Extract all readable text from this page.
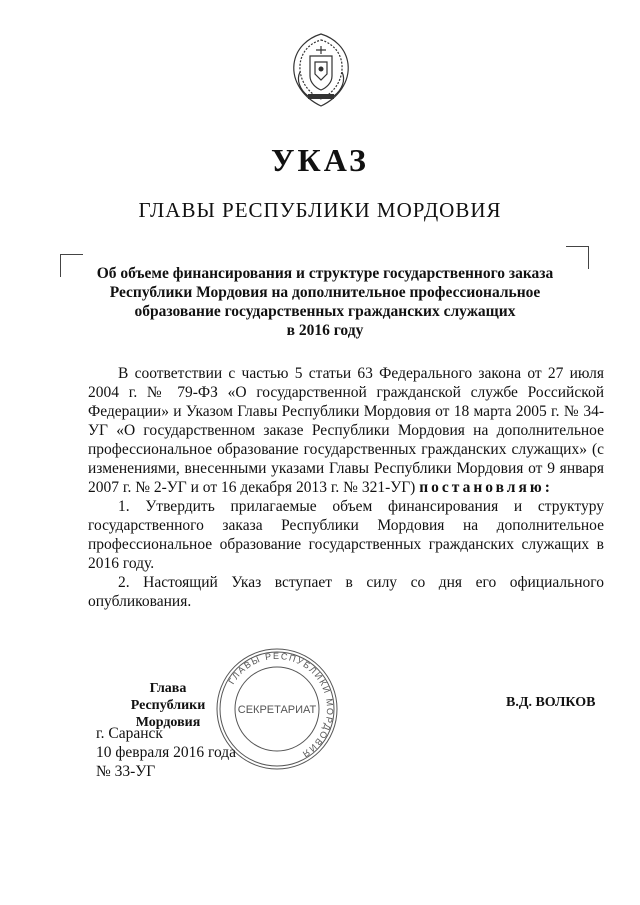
УКАЗ
ГЛАВЫ РЕСПУБЛИКИ МОРДОВИЯ
Об объеме финансирования и структуре государственного заказа
Республики Мордовия на дополнительное профессиональное
образование государственных гражданских служащих
в 2016 году

В соответствии с частью 5 статьи 63 Федерального закона от 27 июля 2004 г. № 79-ФЗ «О государственной гражданской службе Российской Федерации» и Указом Главы Республики Мордовия от 18 марта 2005 г. № 34-УГ «О государственном заказе Республики Мордовия на дополнительное профессиональное образование государственных гражданских служащих» (с изменениями, внесенными указами Главы Республики Мордовия от 9 января 2007 г. № 2-УГ и от 16 декабря 2013 г. № 321-УГ) постановляю:

1. Утвердить прилагаемые объем финансирования и структуру государственного заказа Республики Мордовия на дополнительное профессиональное образование государственных гражданских служащих в 2016 году.

2. Настоящий Указ вступает в силу со дня его официального опубликования.

ГЛАВЫ РЕСПУБЛИКИ МОРДОВИЯ
СЕКРЕТАРИАТ
Глава
Республики Мордовия
В.Д. ВОЛКОВ
г. Саранск
10 февраля 2016 года
№ 33-УГ
